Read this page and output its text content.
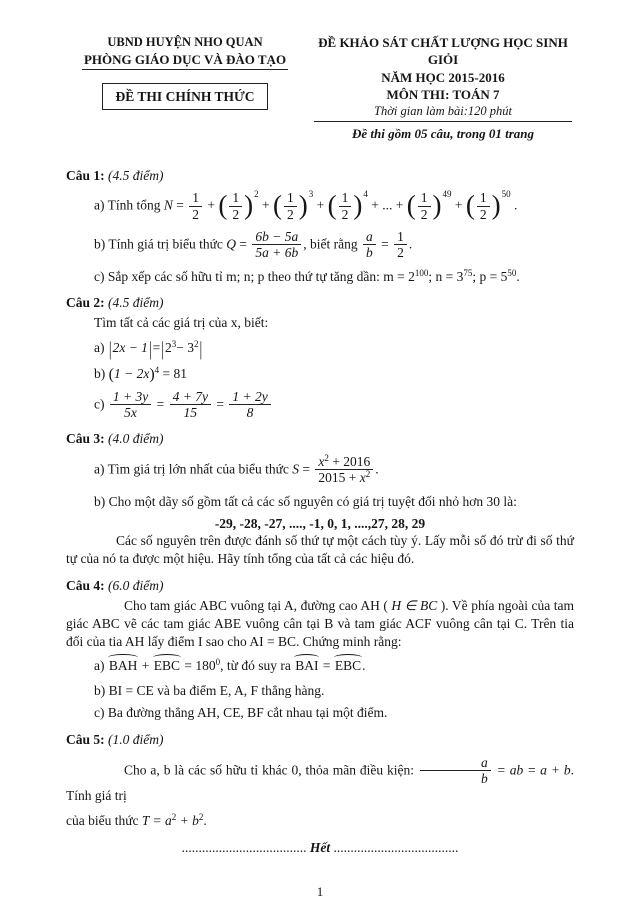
UBND HUYỆN NHO QUAN
PHÒNG GIÁO DỤC VÀ ĐÀO TẠO
ĐỀ THI CHÍNH THỨC
ĐỀ KHẢO SÁT CHẤT LƯỢNG HỌC SINH GIỎI
NĂM HỌC 2015-2016
MÔN THI: TOÁN 7
Thời gian làm bài:120 phút
Đề thi gồm 05 câu, trong 01 trang
Câu 1: (4.5 điểm)
a) Tính tổng $N = \frac{1}{2}$ + ( $\frac{1}{2} )^2$ + ( $\frac{1}{2} )^3$ + ( $\frac{1}{2} )^4$ + ... + ( $\frac{1}{2} )^{49}$ + ( $\frac{1}{2} )^{50}$ .
b) Tính giá trị biểu thức $Q = \frac{6b - 5a}{5a + 6b}$ , biết rằng $\frac{a}{b} = \frac{1}{2}$ .
c) Sắp xếp các số hữu tỉ m; n; p theo thứ tự tăng dần: $m = 2^{100}$; $n = 3^{75}$; $p = 5^{50}$.
Câu 2: (4.5 điểm)
Tìm tất cả các giá trị của x, biết:
a) $|2x - 1|=|2^3- 3^2|$
b) $(1 - 2x)^4 = 81$
$c) \frac{1 + 3y}{5x} = \frac{4 + 7y}{15} = \frac{1 + 2y}{8}$
Câu 3: (4.0 điểm)
a) Tìm giá trị lớn nhất của biểu thức $S = \frac{x^2 + 2016}{2015 + x^2}$ .
b) Cho một dãy số gồm tất cả các số nguyên có giá trị tuyệt đối nhỏ hơn 30 là:
-29, -28, -27, ...., -1, 0, 1, ....,27, 28, 29
Các số nguyên trên được đánh số thứ tự một cách tùy ý. Lấy mỗi số đó trừ đi số thứ tự của nó ta được một hiệu. Hãy tính tổng của tất cả các hiệu đó.
Câu 4: (6.0 điểm)
Cho tam giác ABC vuông tại A, đường cao AH ( H ∈ BC ). Về phía ngoài của tam giác ABC vẽ các tam giác ABE vuông cân tại B và tam giác ACF vuông cân tại C. Trên tia đối của tia AH lấy điểm I sao cho AI = BC. Chứng minh rằng:
a) BAH + EBC = $180^0$, từ đó suy ra BAI = EBC.
b) BI = CE và ba điểm E, A, F thẳng hàng.
c) Ba đường thẳng AH, CE, BF cắt nhau tại một điểm.
Câu 5: (1.0 điểm)
Cho a, b là các số hữu tỉ khác 0, thỏa mãn điều kiện: $\frac{a}{b}$ = ab = a + b. Tính giá trị
của biểu thức $T = a^2 + b^2$.
..................................... Hết .....................................
1
